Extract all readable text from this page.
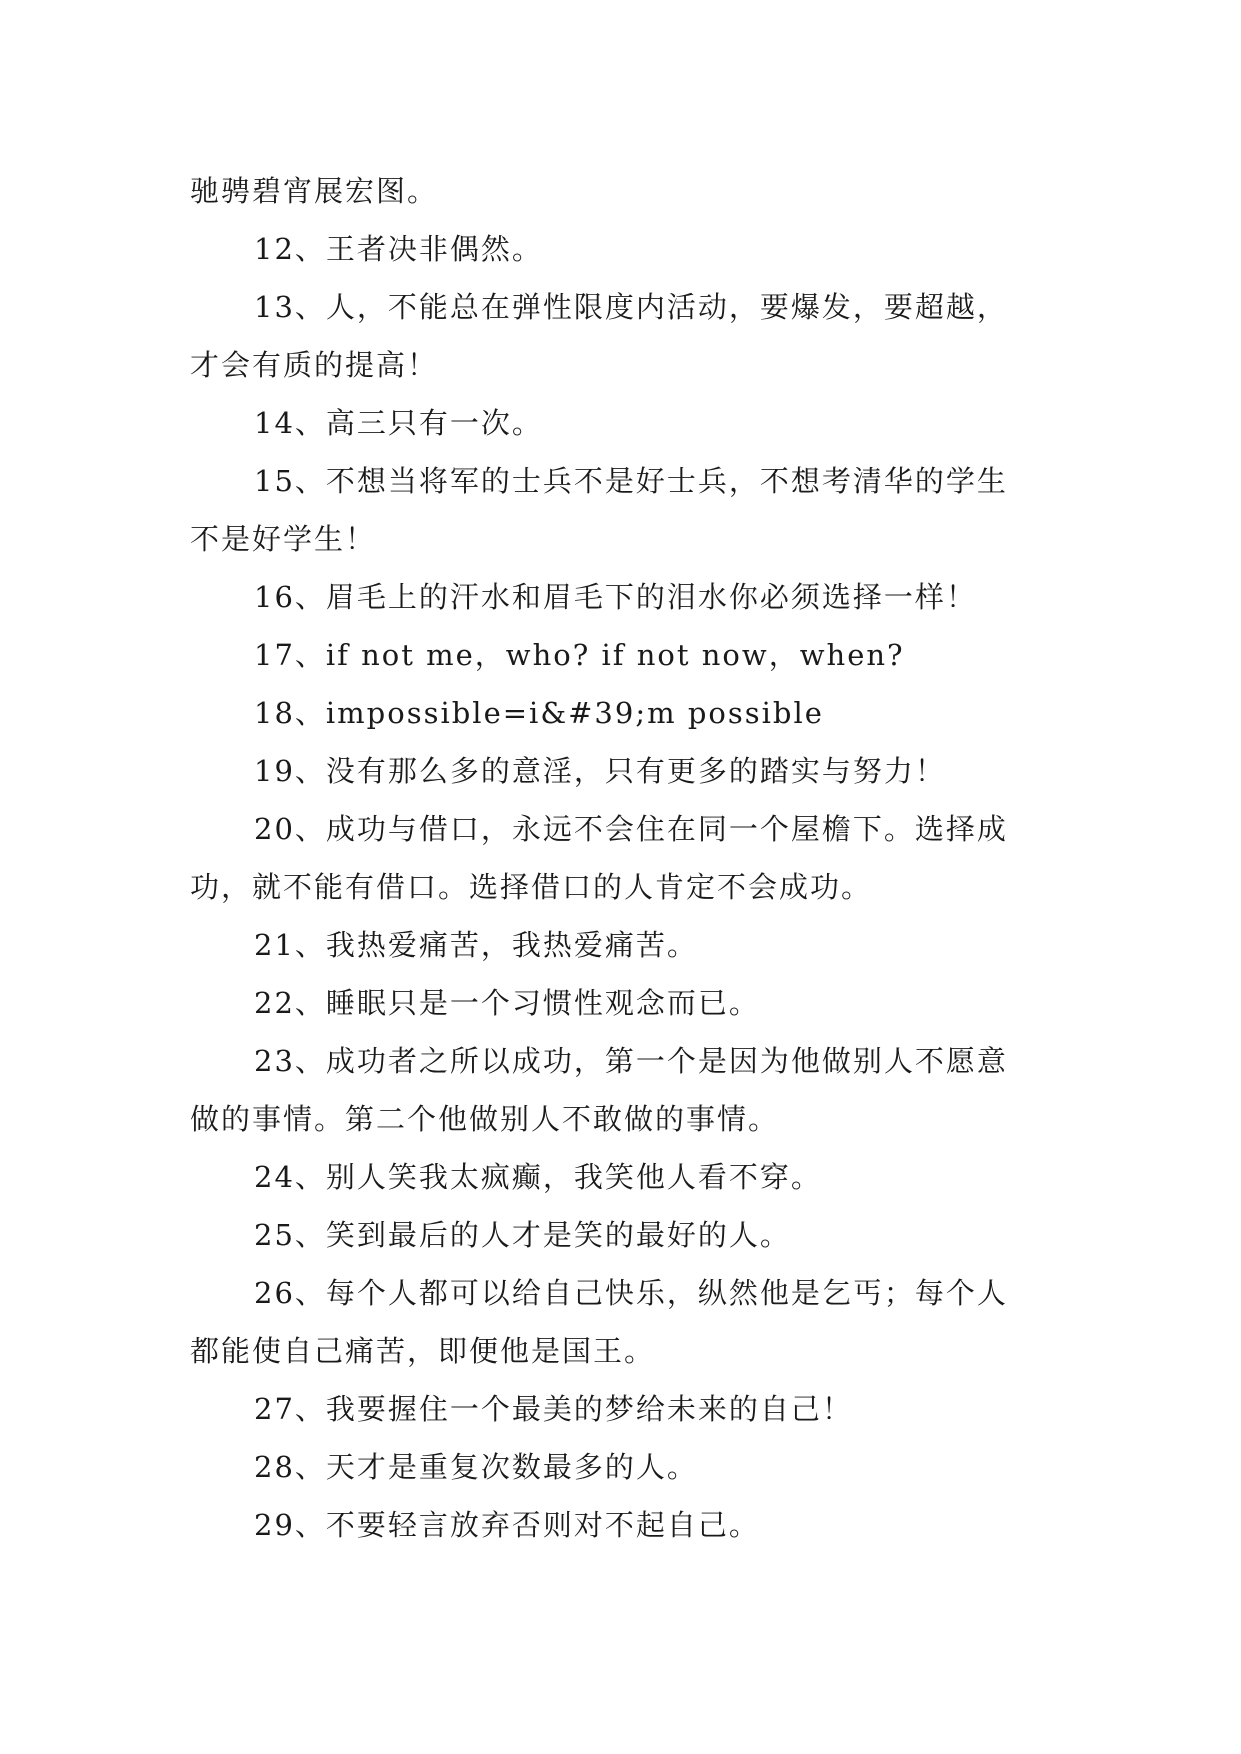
驰骋碧宵展宏图。
12、王者决非偶然。
13、人，不能总在弹性限度内活动，要爆发，要超越，
才会有质的提高！
14、高三只有一次。
15、不想当将军的士兵不是好士兵，不想考清华的学生
不是好学生！
16、眉毛上的汗水和眉毛下的泪水你必须选择一样！
17、if not me，who? if not now，when?
18、impossible=i&#39;m possible
19、没有那么多的意淫，只有更多的踏实与努力！
20、成功与借口，永远不会住在同一个屋檐下。选择成
功，就不能有借口。选择借口的人肯定不会成功。
21、我热爱痛苦，我热爱痛苦。
22、睡眠只是一个习惯性观念而已。
23、成功者之所以成功，第一个是因为他做别人不愿意
做的事情。第二个他做别人不敢做的事情。
24、别人笑我太疯癫，我笑他人看不穿。
25、笑到最后的人才是笑的最好的人。
26、每个人都可以给自己快乐，纵然他是乞丐；每个人
都能使自己痛苦，即便他是国王。
27、我要握住一个最美的梦给未来的自己！
28、天才是重复次数最多的人。
29、不要轻言放弃否则对不起自己。
